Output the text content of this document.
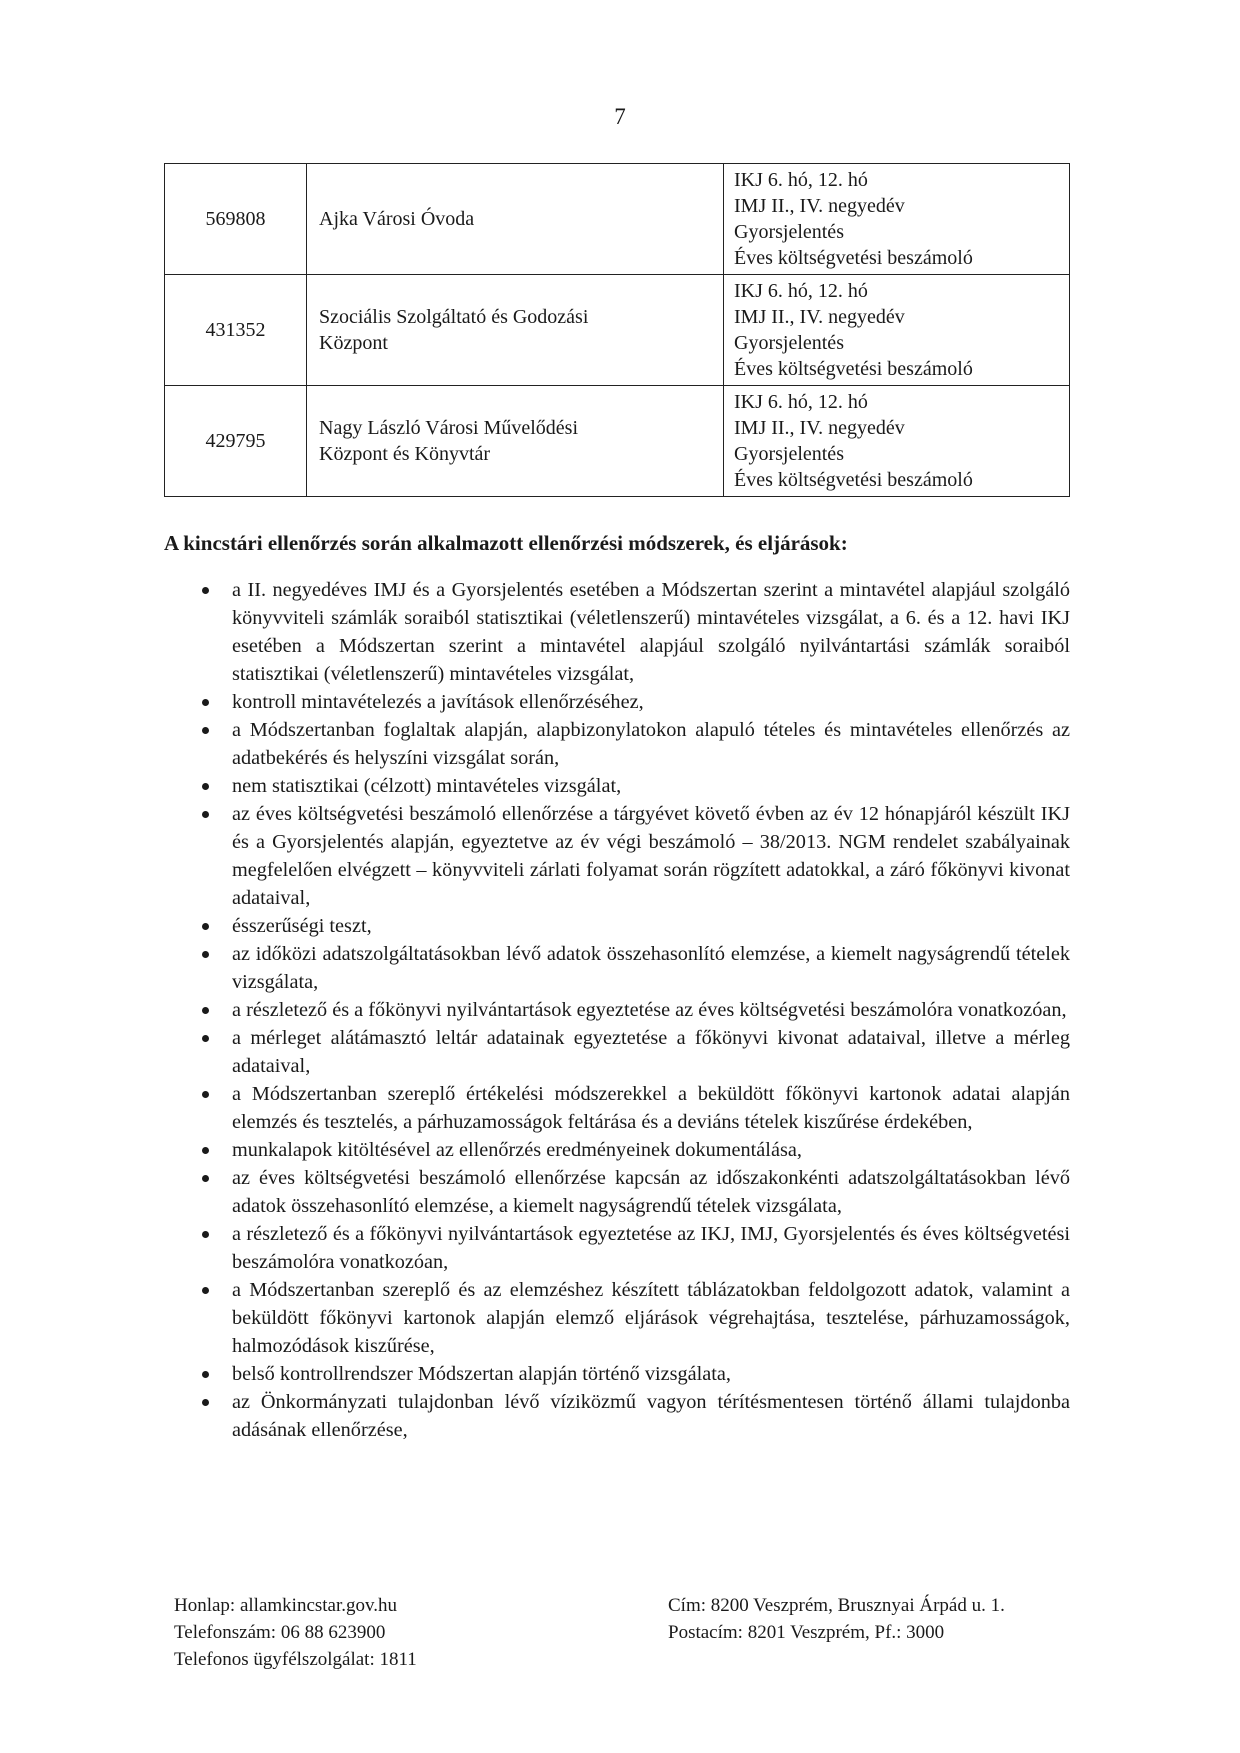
7
569808	Ajka Városi Óvoda	IKJ 6. hó, 12. hó
IMJ II., IV. negyedév
Gyorsjelentés
Éves költségvetési beszámoló

431352	Szociális Szolgáltató és Godozási
Központ	IKJ 6. hó, 12. hó
IMJ II., IV. negyedév
Gyorsjelentés
Éves költségvetési beszámoló

429795	Nagy László Városi Művelődési
Központ és Könyvtár	IKJ 6. hó, 12. hó
IMJ II., IV. negyedév
Gyorsjelentés
Éves költségvetési beszámoló
A kincstári ellenőrzés során alkalmazott ellenőrzési módszerek, és eljárások:
a II. negyedéves IMJ és a Gyorsjelentés esetében a Módszertan szerint a mintavétel alapjául szolgáló könyvviteli számlák soraiból statisztikai (véletlenszerű) mintavételes vizsgálat, a 6. és a 12. havi IKJ esetében a Módszertan szerint a mintavétel alapjául szolgáló nyilvántartási számlák soraiból statisztikai (véletlenszerű) mintavételes vizsgálat,
kontroll mintavételezés a javítások ellenőrzéséhez,
a Módszertanban foglaltak alapján, alapbizonylatokon alapuló tételes és mintavételes ellenőrzés az adatbekérés és helyszíni vizsgálat során,
nem statisztikai (célzott) mintavételes vizsgálat,
az éves költségvetési beszámoló ellenőrzése a tárgyévet követő évben az év 12 hónapjáról készült IKJ és a Gyorsjelentés alapján, egyeztetve az év végi beszámoló – 38/2013. NGM rendelet szabályainak megfelelően elvégzett – könyvviteli zárlati folyamat során rögzített adatokkal, a záró főkönyvi kivonat adataival,
ésszerűségi teszt,
az időközi adatszolgáltatásokban lévő adatok összehasonlító elemzése, a kiemelt nagyságrendű tételek vizsgálata,
a részletező és a főkönyvi nyilvántartások egyeztetése az éves költségvetési beszámolóra vonatkozóan,
a mérleget alátámasztó leltár adatainak egyeztetése a főkönyvi kivonat adataival, illetve a mérleg adataival,
a Módszertanban szereplő értékelési módszerekkel a beküldött főkönyvi kartonok adatai alapján elemzés és tesztelés, a párhuzamosságok feltárása és a deviáns tételek kiszűrése érdekében,
munkalapok kitöltésével az ellenőrzés eredményeinek dokumentálása,
az éves költségvetési beszámoló ellenőrzése kapcsán az időszakonkénti adatszolgáltatásokban lévő adatok összehasonlító elemzése, a kiemelt nagyságrendű tételek vizsgálata,
a részletező és a főkönyvi nyilvántartások egyeztetése az IKJ, IMJ, Gyorsjelentés és éves költségvetési beszámolóra vonatkozóan,
a Módszertanban szereplő és az elemzéshez készített táblázatokban feldolgozott adatok, valamint a beküldött főkönyvi kartonok alapján elemző eljárások végrehajtása, tesztelése, párhuzamosságok, halmozódások kiszűrése,
belső kontrollrendszer Módszertan alapján történő vizsgálata,
az Önkormányzati tulajdonban lévő víziközmű vagyon térítésmentesen történő állami tulajdonba adásának ellenőrzése,
Honlap: allamkincstar.gov.hu
Telefonszám: 06 88 623900
Telefonos ügyfélszolgálat: 1811
Cím: 8200 Veszprém, Brusznyai Árpád u. 1.
Postacím: 8201 Veszprém, Pf.: 3000
